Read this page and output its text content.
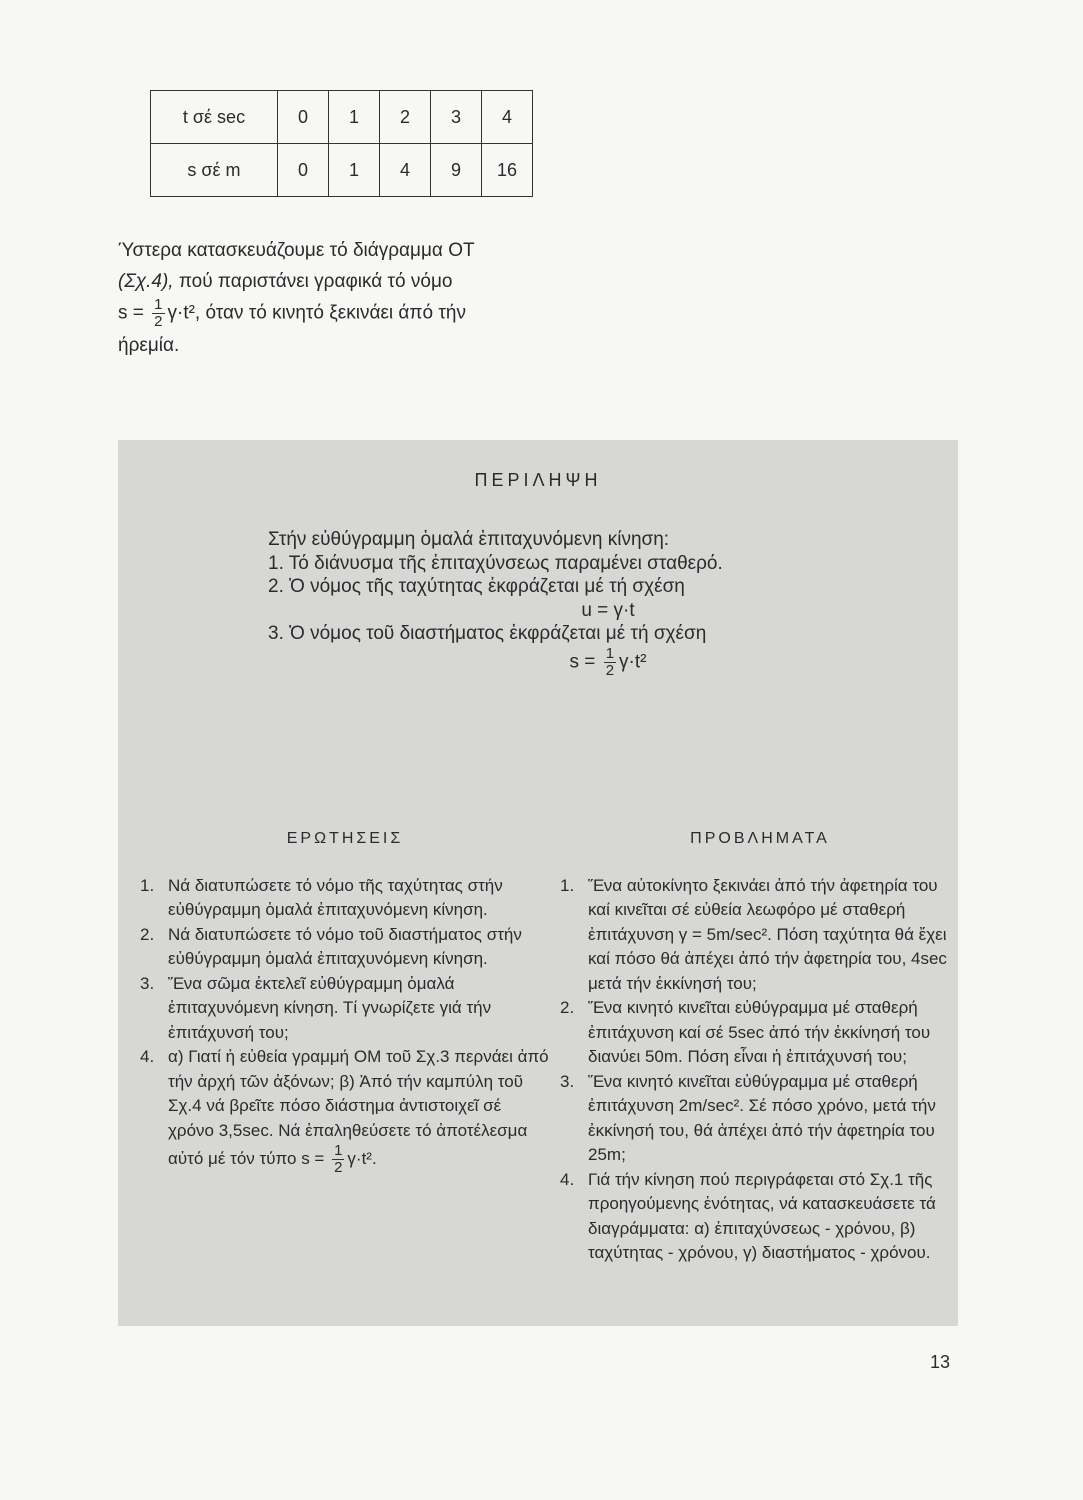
t σέ sec	0	1	2	3	4
s σέ m	0	1	4	9	16

Ύστερα κατασκευάζουμε τό διάγραμμα ΟΤ

(Σχ.4), πού παριστάνει γραφικά τό νόμο

$s = \frac{1}{2} \gamma\cdot t^2$, όταν τό κινητό ξεκινάει άπό τήν

ήρεμία.

ΠΕΡΙΛΗΨΗ
Στήν εὐθύγραμμη ὁμαλά ἐπιταχυνόμενη κίνηση:
1. Τό διάνυσμα τῆς ἐπιταχύνσεως παραμένει σταθερό.
2. Ὁ νόμος τῆς ταχύτητας ἐκφράζεται μέ τή σχέση
u = γ·t
3. Ὁ νόμος τοῦ διαστήματος ἐκφράζεται μέ τή σχέση
$s = \frac{1}{2} \gamma\cdot t^2$
ΕΡΩΤΗΣΕΙΣ
1. Νά διατυπώσετε τό νόμο τῆς ταχύτητας στήν εὐθύγραμμη ὁμαλά ἐπιταχυνόμενη κίνηση.
2. Νά διατυπώσετε τό νόμο τοῦ διαστήματος στήν εὐθύγραμμη ὁμαλά ἐπιταχυνόμενη κίνηση.
3. Ἕνα σῶμα ἐκτελεῖ εὐθύγραμμη ὁμαλά ἐπιταχυνόμενη κίνηση. Τί γνωρίζετε γιά τήν ἐπιτάχυνσή του;
4. α) Γιατί ἡ εὐθεία γραμμή ΟΜ τοῦ Σχ.3 περνάει ἀπό τήν ἀρχή τῶν ἀξόνων; β) Ἀπό τήν καμπύλη τοῦ Σχ.4 νά βρεῖτε πόσο διάστημα ἀντιστοιχεῖ σέ χρόνο 3,5sec. Νά ἐπαληθεύσετε τό ἀποτέλεσμα αὐτό μέ τόν τύπο $s = \frac{1}{2} \gamma\cdot t^2$.
ΠΡΟΒΛΗΜΑΤΑ
1. Ἕνα αὐτοκίνητο ξεκινάει ἀπό τήν ἀφετηρία του καί κινεῖται σέ εὐθεία λεωφόρο μέ σταθερή ἐπιτάχυνση γ = 5m/sec². Πόση ταχύτητα θά ἔχει καί πόσο θά ἀπέχει ἀπό τήν ἀφετηρία του, 4sec μετά τήν ἐκκίνησή του;
2. Ἕνα κινητό κινεῖται εὐθύγραμμα μέ σταθερή ἐπιτάχυνση καί σέ 5sec ἀπό τήν ἐκκίνησή του διανύει 50m. Πόση εἶναι ἡ ἐπιτάχυνσή του;
3. Ἕνα κινητό κινεῖται εὐθύγραμμα μέ σταθερή ἐπιτάχυνση 2m/sec². Σέ πόσο χρόνο, μετά τήν ἐκκίνησή του, θά ἀπέχει ἀπό τήν ἀφετηρία του 25m;
4. Γιά τήν κίνηση πού περιγράφεται στό Σχ.1 τῆς προηγούμενης ἑνότητας, νά κατασκευάσετε τά διαγράμματα: α) ἐπιταχύνσεως - χρόνου, β) ταχύτητας - χρόνου, γ) διαστήματος - χρόνου.
13
